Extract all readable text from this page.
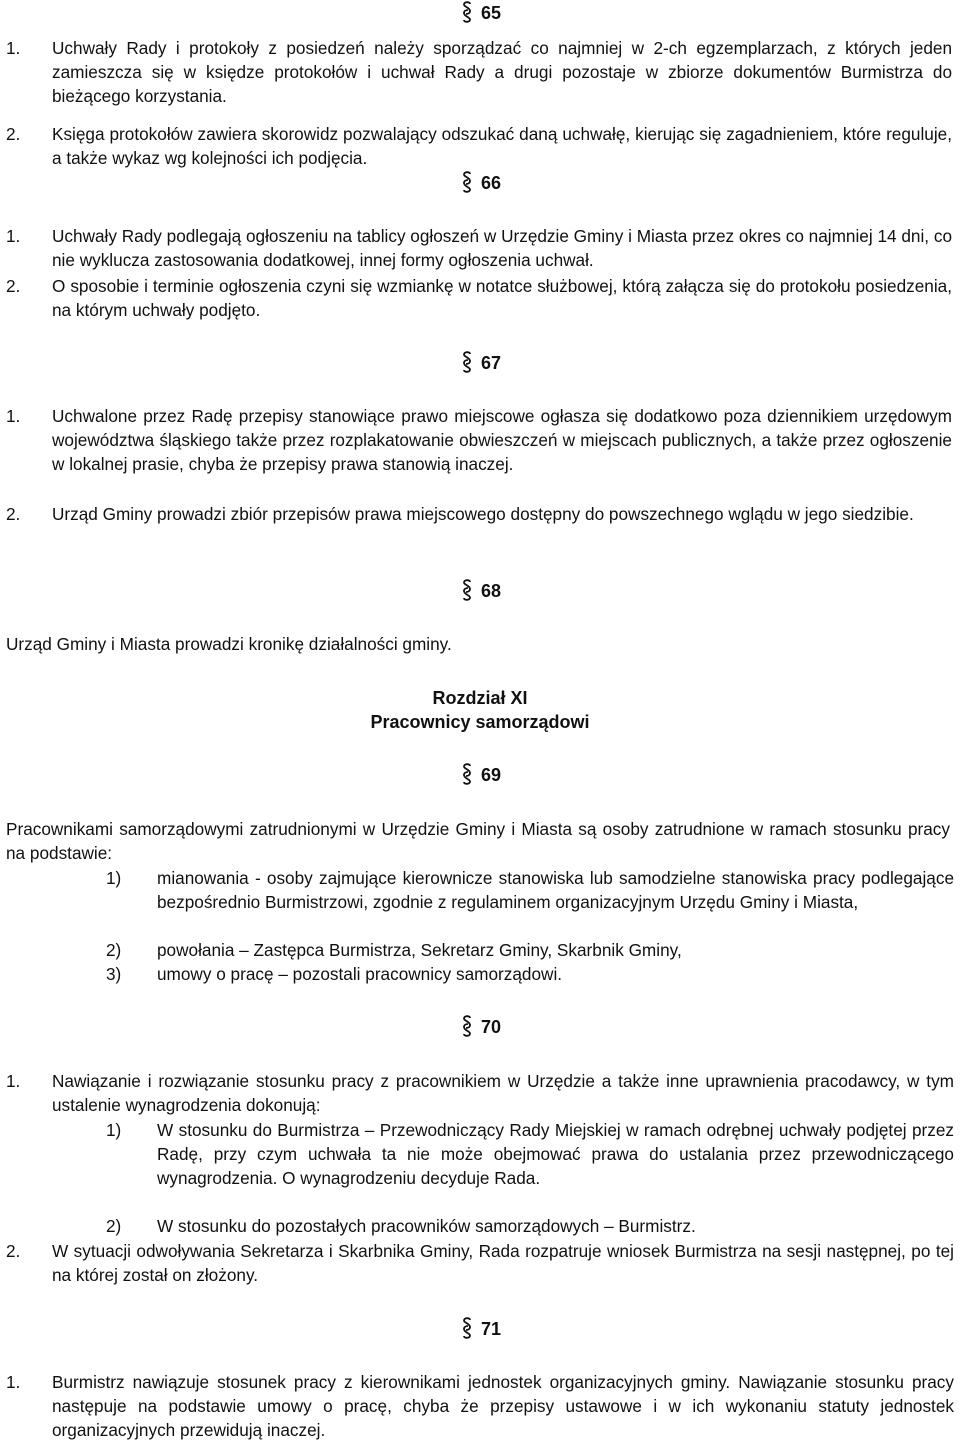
65
1. Uchwały Rady i protokoły z posiedzeń należy sporządzać co najmniej w 2-ch egzemplarzach, z których jeden zamieszcza się w księdze protokołów i uchwał Rady a drugi pozostaje w zbiorze dokumentów Burmistrza do bieżącego korzystania.
2. Księga protokołów zawiera skorowidz pozwalający odszukać daną uchwałę, kierując się zagadnieniem, które reguluje, a także wykaz wg kolejności ich podjęcia.
66
1. Uchwały Rady podlegają ogłoszeniu na tablicy ogłoszeń w Urzędzie Gminy i Miasta przez okres co najmniej 14 dni, co nie wyklucza zastosowania dodatkowej, innej formy ogłoszenia uchwał.
2. O sposobie i terminie ogłoszenia czyni się wzmiankę w notatce służbowej, którą załącza się do protokołu posiedzenia, na którym uchwały podjęto.
67
1. Uchwalone przez Radę przepisy stanowiące prawo miejscowe ogłasza się dodatkowo poza dziennikiem urzędowym województwa śląskiego także przez rozplakatowanie obwieszczeń w miejscach publicznych, a także przez ogłoszenie w lokalnej prasie, chyba że przepisy prawa stanowią inaczej.
2. Urząd Gminy prowadzi zbiór przepisów prawa miejscowego dostępny do powszechnego wglądu w jego siedzibie.
68
Urząd Gminy i Miasta prowadzi kronikę działalności gminy.
Rozdział XI
Pracownicy samorządowi
69
Pracownikami samorządowymi zatrudnionymi w Urzędzie Gminy i Miasta są osoby zatrudnione w ramach stosunku pracy na podstawie:
1) mianowania - osoby zajmujące kierownicze stanowiska lub samodzielne stanowiska pracy podlegające bezpośrednio Burmistrzowi, zgodnie z regulaminem organizacyjnym Urzędu Gminy i Miasta,
2) powołania – Zastępca Burmistrza, Sekretarz Gminy, Skarbnik Gminy,
3) umowy o pracę – pozostali pracownicy samorządowi.
70
1. Nawiązanie i rozwiązanie stosunku pracy z pracownikiem w Urzędzie a także inne uprawnienia pracodawcy, w tym ustalenie wynagrodzenia dokonują:
1) W stosunku do Burmistrza – Przewodniczący Rady Miejskiej w ramach odrębnej uchwały podjętej przez Radę, przy czym uchwała ta nie może obejmować prawa do ustalania przez przewodniczącego wynagrodzenia. O wynagrodzeniu decyduje Rada.
2) W stosunku do pozostałych pracowników samorządowych – Burmistrz.
2. W sytuacji odwoływania Sekretarza i Skarbnika Gminy, Rada rozpatruje wniosek Burmistrza na sesji następnej, po tej na której został on złożony.
71
1. Burmistrz nawiązuje stosunek pracy z kierownikami jednostek organizacyjnych gminy. Nawiązanie stosunku pracy następuje na podstawie umowy o pracę, chyba że przepisy ustawowe i w ich wykonaniu statuty jednostek organizacyjnych przewidują inaczej.
